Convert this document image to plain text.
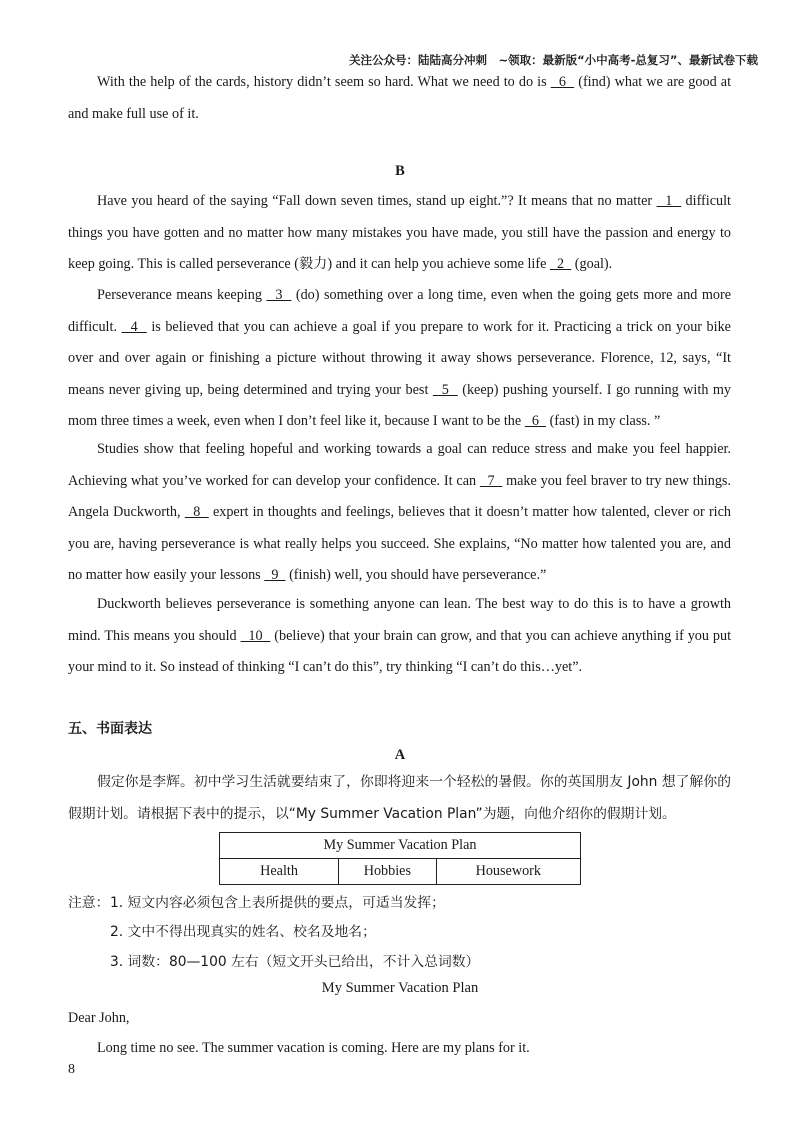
关注公众号：陆陆高分冲刺　~领取：最新版“小中高考-总复习”、最新试卷下载

With the help of the cards, history didn’t seem so hard. What we need to do is   6   (find) what we are good at and make full use of it.

B

Have you heard of the saying “Fall down seven times, stand up eight.”? It means that no matter   1   difficult things you have gotten and no matter how many mistakes you have made, you still have the passion and energy to keep going. This is called perseverance (毅力) and it can help you achieve some life   2   (goal).

Perseverance means keeping   3   (do) something over a long time, even when the going gets more and more difficult.   4   is believed that you can achieve a goal if you prepare to work for it. Practicing a trick on your bike over and over again or finishing a picture without throwing it away shows perseverance. Florence, 12, says, “It means never giving up, being determined and trying your best   5   (keep) pushing yourself. I go running with my mom three times a week, even when I don’t feel like it, because I want to be the   6   (fast) in my class. ”

Studies show that feeling hopeful and working towards a goal can reduce stress and make you feel happier. Achieving what you’ve worked for can develop your confidence. It can   7   make you feel braver to try new things. Angela Duckworth,   8   expert in thoughts and feelings, believes that it doesn’t matter how talented, clever or rich you are, having perseverance is what really helps you succeed. She explains, “No matter how talented you are, and no matter how easily your lessons   9   (finish) well, you should have perseverance.”

Duckworth believes perseverance is something anyone can lean. The best way to do this is to have a growth mind. This means you should   10   (believe) that your brain can grow, and that you can achieve anything if you put your mind to it. So instead of thinking “I can’t do this”, try thinking “I can’t do this…yet”.

五、书面表达
A

假定你是李辉。初中学习生活就要结束了，你即将迎来一个轻松的暑假。你的英国朋友 John 想了解你的假期计划。请根据下表中的提示，以“My Summer Vacation Plan”为题，向他介绍你的假期计划。

My Summer Vacation Plan
Health	Hobbies	Housework
注意： 1. 短文内容必须包含上表所提供的要点，可适当发挥；
2. 文中不得出现真实的姓名、校名及地名；
3. 词数：80—100 左右（短文开头已给出，不计入总词数）
My Summer Vacation Plan
Dear John,
Long time no see. The summer vacation is coming. Here are my plans for it.
8
